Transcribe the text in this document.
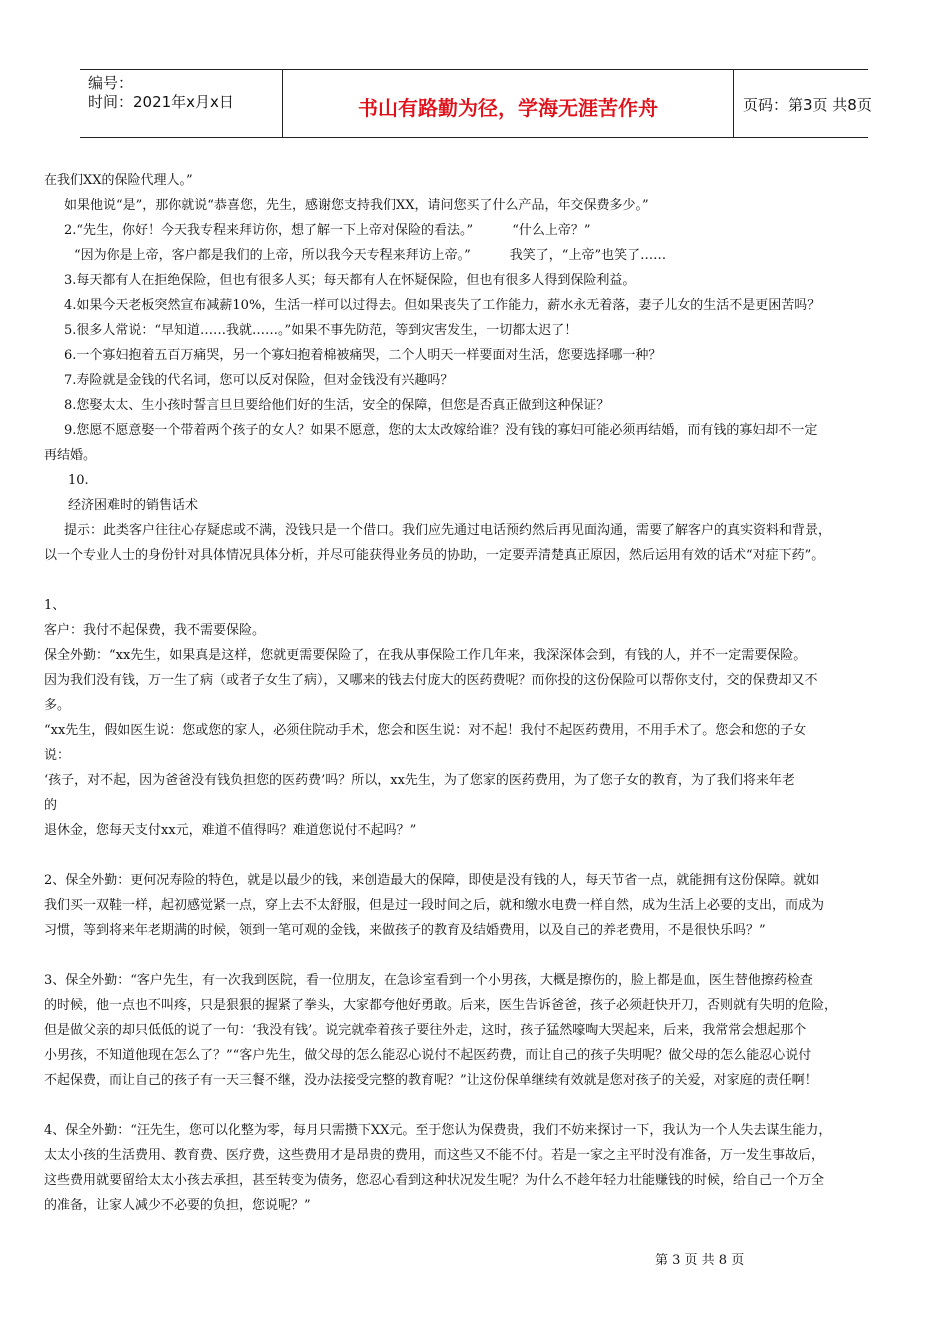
编号：
时间：2021年x月x日	书山有路勤为径，学海无涯苦作舟	页码：第3页 共8页

在我们XX的保险代理人。”

如果他说“是”，那你就说“恭喜您，先生，感谢您支持我们XX，请问您买了什么产品，年交保费多少。”

2.“先生，你好！今天我专程来拜访你，想了解一下上帝对保险的看法。”　　　“什么上帝？”

“因为你是上帝，客户都是我们的上帝，所以我今天专程来拜访上帝。”　　　我笑了，“上帝”也笑了……

3.每天都有人在拒绝保险，但也有很多人买；每天都有人在怀疑保险，但也有很多人得到保险利益。

4.如果今天老板突然宣布减薪10%，生活一样可以过得去。但如果丧失了工作能力，薪水永无着落，妻子儿女的生活不是更困苦吗？

5.很多人常说：“早知道……我就……。”如果不事先防范，等到灾害发生，一切都太迟了！

6.一个寡妇抱着五百万痛哭，另一个寡妇抱着棉被痛哭，二个人明天一样要面对生活，您要选择哪一种？

7.寿险就是金钱的代名词，您可以反对保险，但对金钱没有兴趣吗？

8.您娶太太、生小孩时誓言旦旦要给他们好的生活，安全的保障，但您是否真正做到这种保证？

9.您愿不愿意娶一个带着两个孩子的女人？如果不愿意，您的太太改嫁给谁？没有钱的寡妇可能必须再结婚，而有钱的寡妇却不一定

再结婚。

10.

经济困难时的销售话术

提示：此类客户往往心存疑虑或不满，没钱只是一个借口。我们应先通过电话预约然后再见面沟通，需要了解客户的真实资料和背景，

以一个专业人士的身份针对具体情况具体分析，并尽可能获得业务员的协助，一定要弄清楚真正原因，然后运用有效的话术“对症下药”。

1、

客户：我付不起保费，我不需要保险。

保全外勤：“xx先生，如果真是这样，您就更需要保险了，在我从事保险工作几年来，我深深体会到，有钱的人，并不一定需要保险。

因为我们没有钱，万一生了病（或者子女生了病），又哪来的钱去付庞大的医药费呢？而你投的这份保险可以帮你支付，交的保费却又不

多。

“xx先生，假如医生说：您或您的家人，必须住院动手术，您会和医生说：对不起！我付不起医药费用，不用手术了。您会和您的子女

说：

‘孩子，对不起，因为爸爸没有钱负担您的医药费’吗？所以，xx先生，为了您家的医药费用，为了您子女的教育，为了我们将来年老

的

退休金，您每天支付xx元，难道不值得吗？难道您说付不起吗？”

2、保全外勤：更何况寿险的特色，就是以最少的钱，来创造最大的保障，即使是没有钱的人，每天节省一点，就能拥有这份保障。就如

我们买一双鞋一样，起初感觉紧一点，穿上去不太舒服，但是过一段时间之后，就和缴水电费一样自然，成为生活上必要的支出，而成为

习惯，等到将来年老期满的时候，领到一笔可观的金钱，来做孩子的教育及结婚费用，以及自己的养老费用，不是很快乐吗？”

3、保全外勤：“客户先生，有一次我到医院，看一位朋友，在急诊室看到一个小男孩，大概是擦伤的，脸上都是血，医生替他擦药检查

的时候，他一点也不叫疼，只是狠狠的握紧了拳头，大家都夸他好勇敢。后来，医生告诉爸爸，孩子必须赶快开刀，否则就有失明的危险，

但是做父亲的却只低低的说了一句：‘我没有钱’。说完就牵着孩子要往外走，这时，孩子猛然嚎啕大哭起来，后来，我常常会想起那个

小男孩，不知道他现在怎么了？”“客户先生，做父母的怎么能忍心说付不起医药费，而让自己的孩子失明呢？做父母的怎么能忍心说付

不起保费，而让自己的孩子有一天三餐不继，没办法接受完整的教育呢？”让这份保单继续有效就是您对孩子的关爱，对家庭的责任啊！

4、保全外勤：“汪先生，您可以化整为零，每月只需攒下XX元。至于您认为保费贵，我们不妨来探讨一下，我认为一个人失去谋生能力，

太太小孩的生活费用、教育费、医疗费，这些费用才是昂贵的费用，而这些又不能不付。若是一家之主平时没有准备，万一发生事故后，

这些费用就要留给太太小孩去承担，甚至转变为债务，您忍心看到这种状况发生呢？为什么不趁年轻力壮能赚钱的时候，给自己一个万全

的准备，让家人减少不必要的负担，您说呢？”

第 3 页 共 8 页
